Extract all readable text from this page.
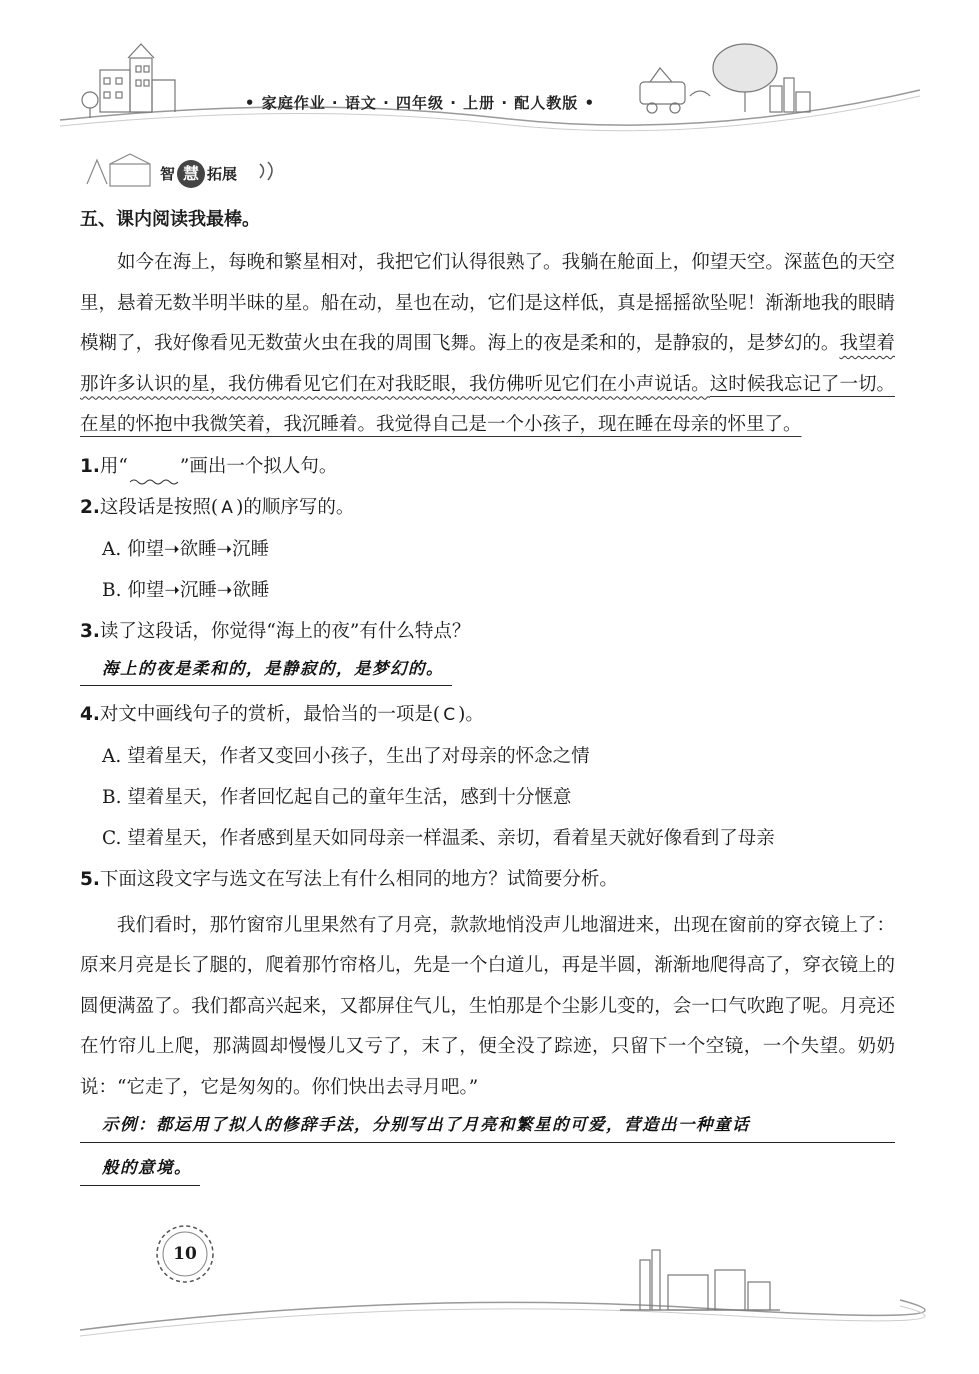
• 家庭作业 · 语文 · 四年级 · 上册 · 配人教版 •
智 慧 拓展

五、课内阅读我最棒。

如今在海上，每晚和繁星相对，我把它们认得很熟了。我躺在舱面上，仰望天空。深蓝色的天空里，悬着无数半明半昧的星。船在动，星也在动，它们是这样低，真是摇摇欲坠呢！渐渐地我的眼睛模糊了，我好像看见无数萤火虫在我的周围飞舞。海上的夜是柔和的，是静寂的，是梦幻的。我望着那许多认识的星，我仿佛看见它们在对我眨眼，我仿佛听见它们在小声说话。这时候我忘记了一切。在星的怀抱中我微笑着，我沉睡着。我觉得自己是一个小孩子，现在睡在母亲的怀里了。

1.用“	”画出一个拟人句。

2.这段话是按照( A )的顺序写的。

A. 仰望➝欲睡➝沉睡

B. 仰望➝沉睡➝欲睡

3.读了这段话，你觉得“海上的夜”有什么特点？

海上的夜是柔和的，是静寂的，是梦幻的。

4.对文中画线句子的赏析，最恰当的一项是( C )。

A. 望着星天，作者又变回小孩子，生出了对母亲的怀念之情

B. 望着星天，作者回忆起自己的童年生活，感到十分惬意

C. 望着星天，作者感到星天如同母亲一样温柔、亲切，看着星天就好像看到了母亲

5.下面这段文字与选文在写法上有什么相同的地方？试简要分析。

我们看时，那竹窗帘儿里果然有了月亮，款款地悄没声儿地溜进来，出现在窗前的穿衣镜上了：原来月亮是长了腿的，爬着那竹帘格儿，先是一个白道儿，再是半圆，渐渐地爬得高了，穿衣镜上的圆便满盈了。我们都高兴起来，又都屏住气儿，生怕那是个尘影儿变的，会一口气吹跑了呢。月亮还在竹帘儿上爬，那满圆却慢慢儿又亏了，末了，便全没了踪迹，只留下一个空镜，一个失望。奶奶说：“它走了，它是匆匆的。你们快出去寻月吧。”

示例：都运用了拟人的修辞手法，分别写出了月亮和繁星的可爱，营造出一种童话

般的意境。
10
